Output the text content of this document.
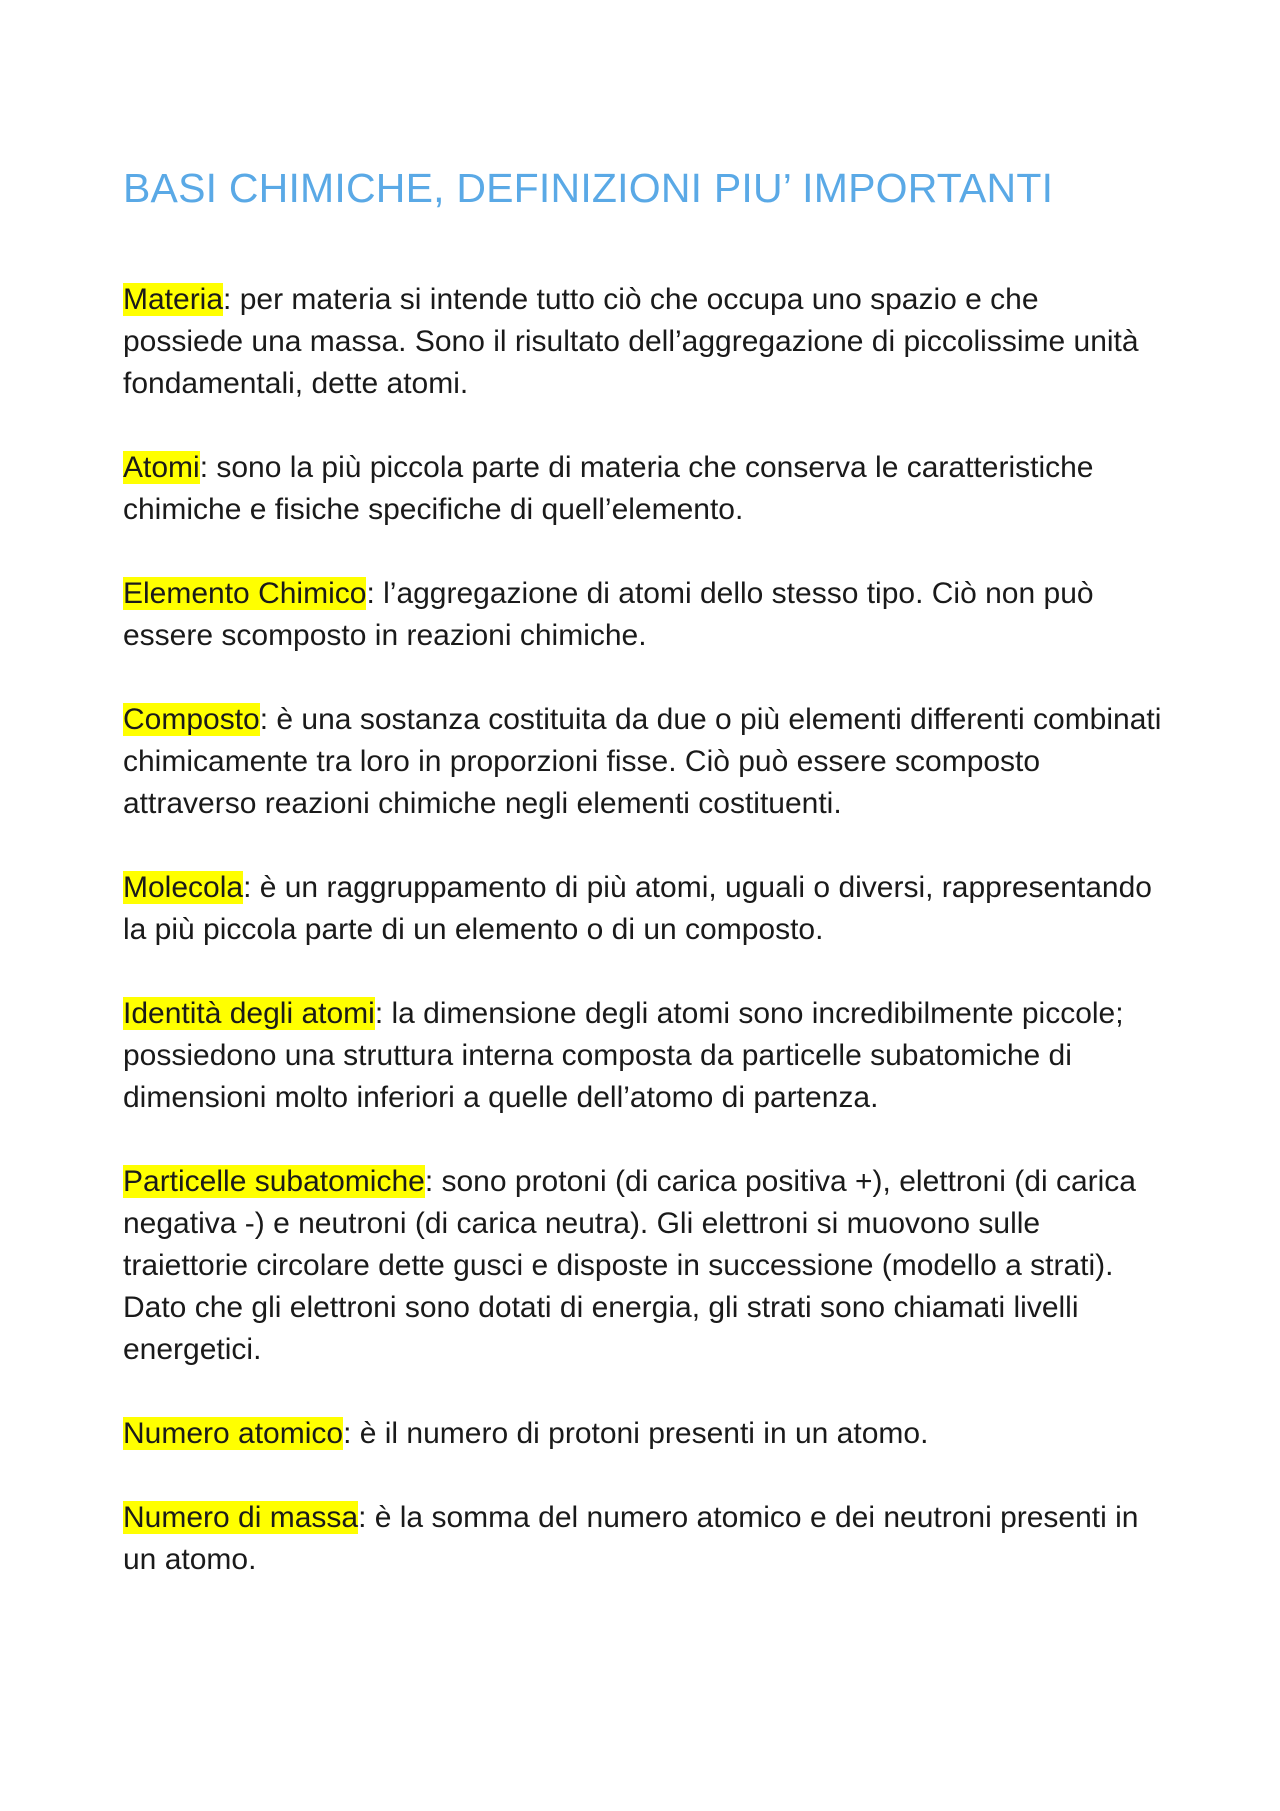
BASI CHIMICHE, DEFINIZIONI PIU’ IMPORTANTI

Materia: per materia si intende tutto ciò che occupa uno spazio e che possiede una massa. Sono il risultato dell’aggregazione di piccolissime unità fondamentali, dette atomi.

Atomi: sono la più piccola parte di materia che conserva le caratteristiche chimiche e fisiche specifiche di quell’elemento.

Elemento Chimico: l’aggregazione di atomi dello stesso tipo. Ciò non può essere scomposto in reazioni chimiche.

Composto: è una sostanza costituita da due o più elementi differenti combinati chimicamente tra loro in proporzioni fisse. Ciò può essere scomposto attraverso reazioni chimiche negli elementi costituenti.

Molecola: è un raggruppamento di più atomi, uguali o diversi, rappresentando la più piccola parte di un elemento o di un composto.

Identità degli atomi: la dimensione degli atomi sono incredibilmente piccole; possiedono una struttura interna composta da particelle subatomiche di dimensioni molto inferiori a quelle dell’atomo di partenza.

Particelle subatomiche: sono protoni (di carica positiva +), elettroni (di carica negativa -) e neutroni (di carica neutra). Gli elettroni si muovono sulle traiettorie circolare dette gusci e disposte in successione (modello a strati). Dato che gli elettroni sono dotati di energia, gli strati sono chiamati livelli energetici.

Numero atomico: è il numero di protoni presenti in un atomo.

Numero di massa: è la somma del numero atomico e dei neutroni presenti in un atomo.
